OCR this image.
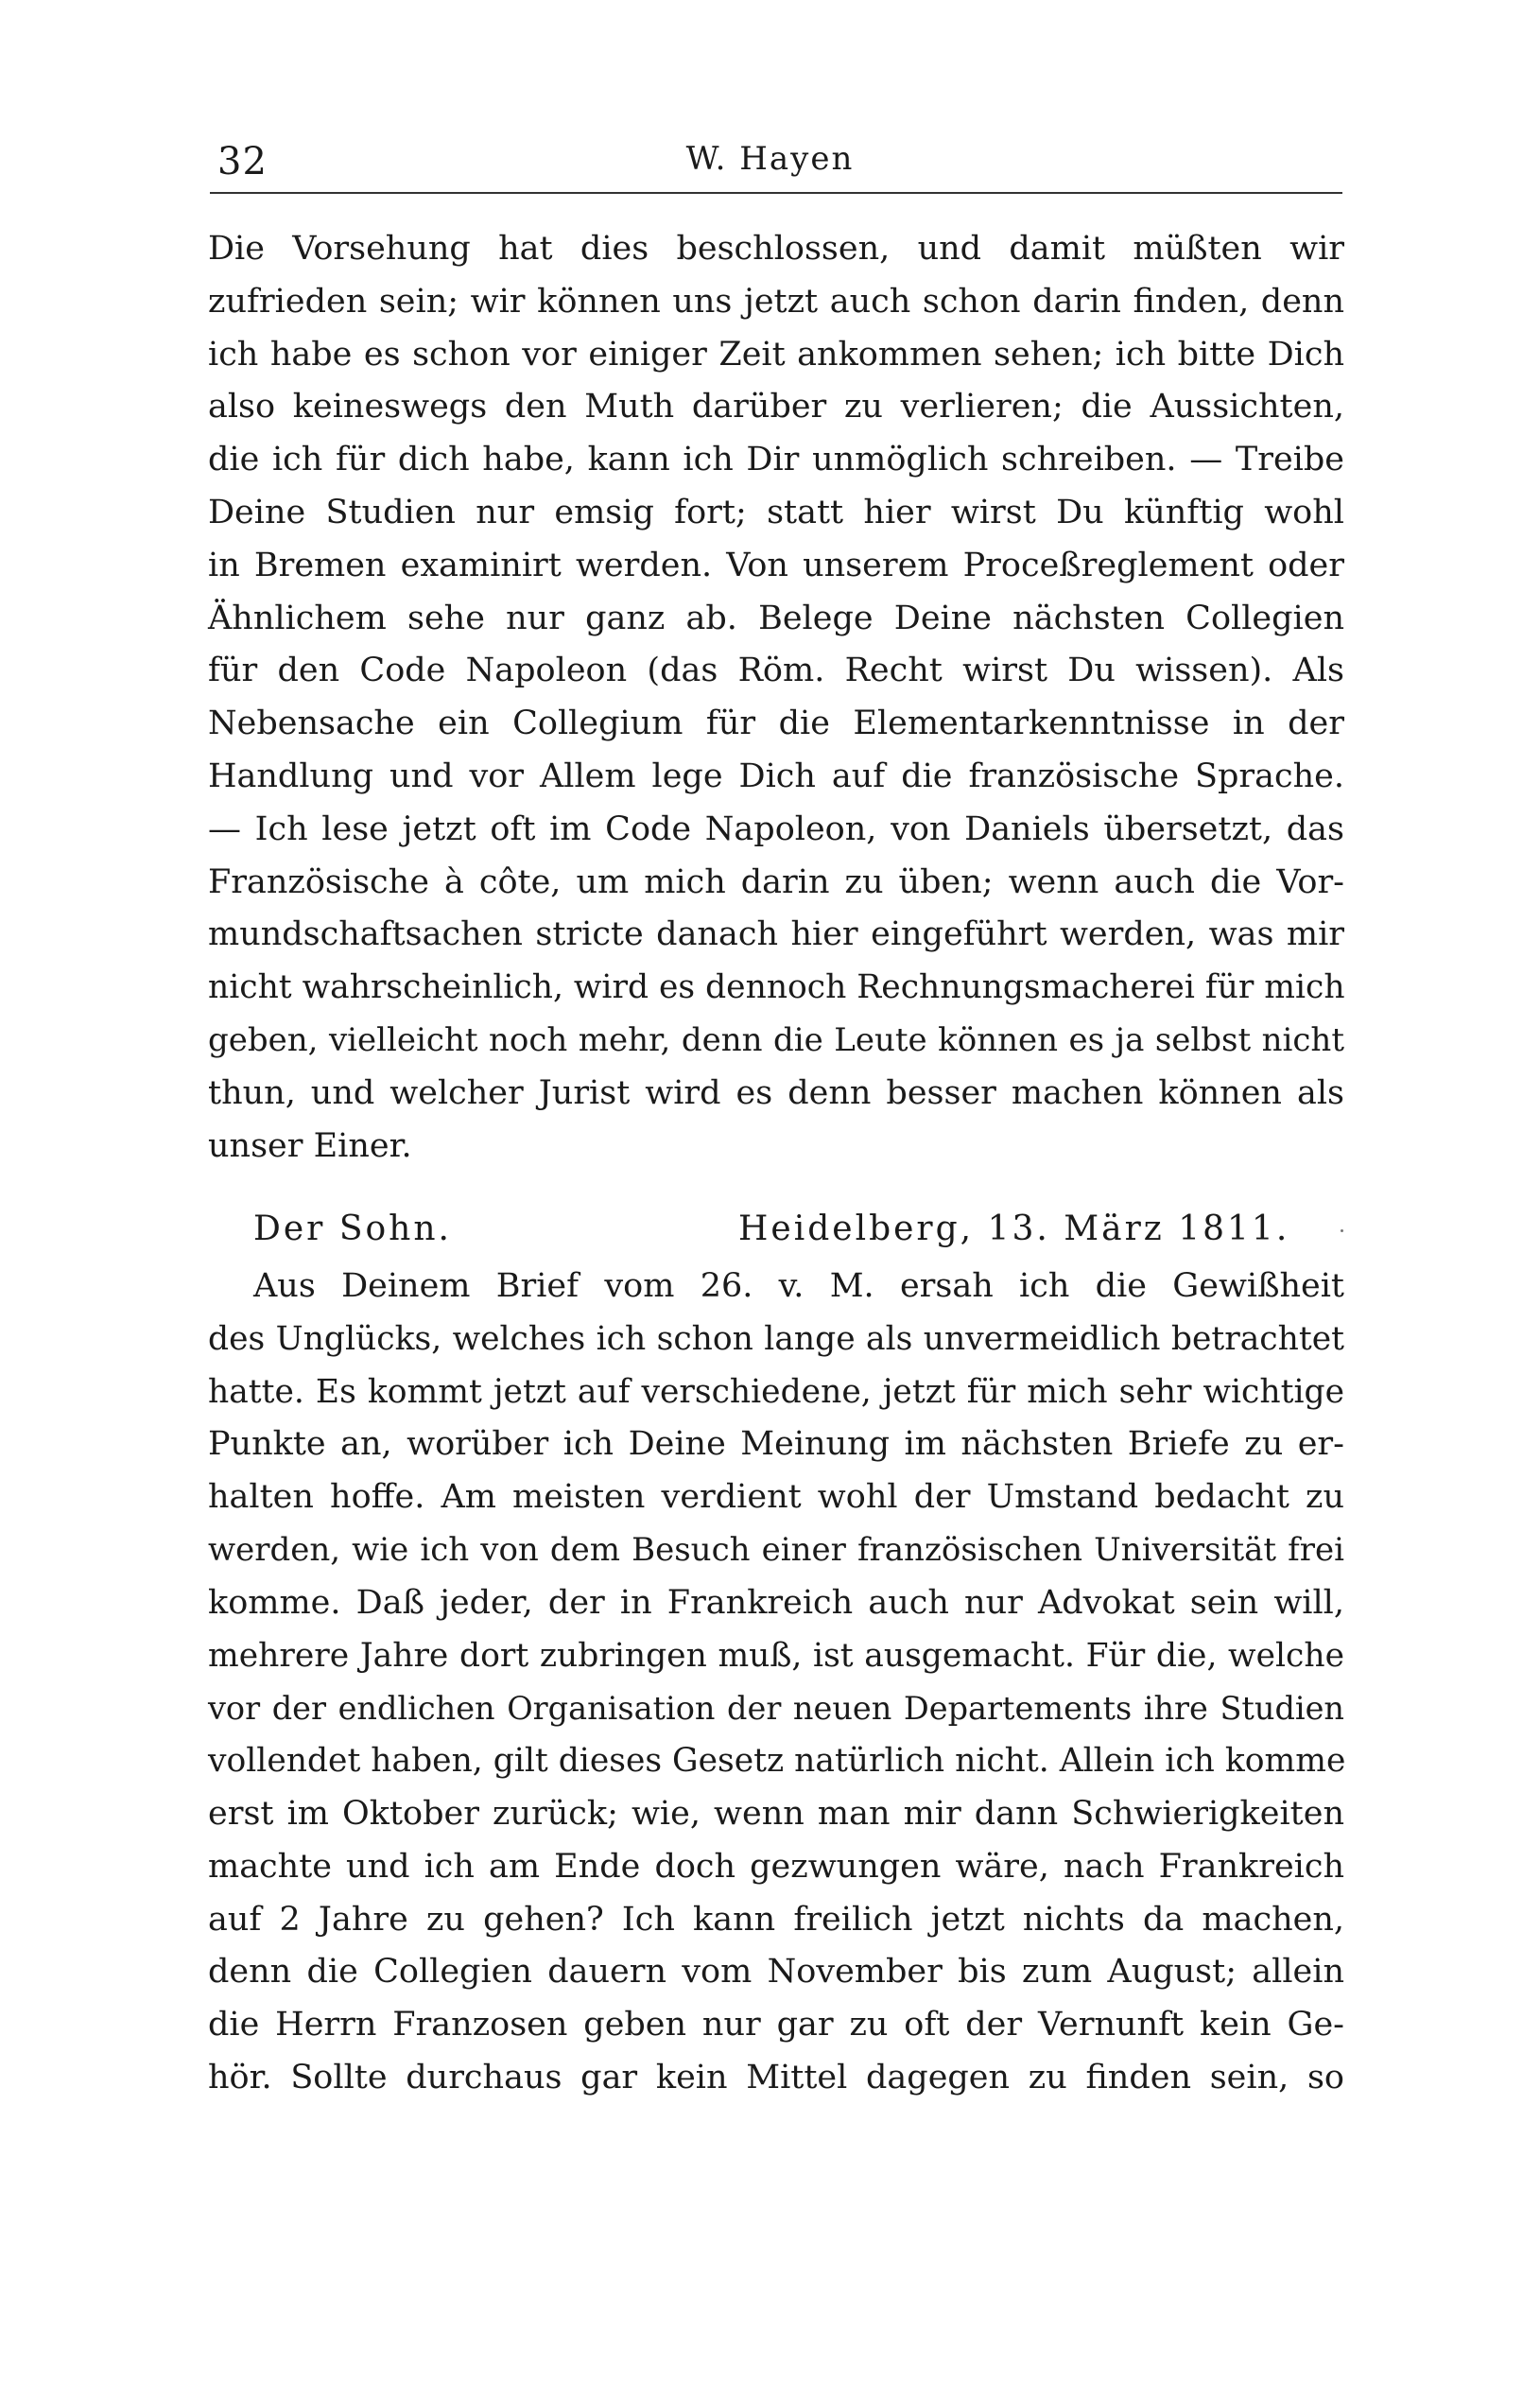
32	W. Hayen
Die Vorsehung hat dies beschlossen, und damit müßten wir
zufrieden sein; wir können uns jetzt auch schon darin finden, denn
ich habe es schon vor einiger Zeit ankommen sehen; ich bitte Dich
also keineswegs den Muth darüber zu verlieren; die Aussichten,
die ich für dich habe, kann ich Dir unmöglich schreiben. — Treibe
Deine Studien nur emsig fort; statt hier wirst Du künftig wohl
in Bremen examinirt werden. Von unserem Proceßreglement oder
Ähnlichem sehe nur ganz ab. Belege Deine nächsten Collegien
für den Code Napoleon (das Röm. Recht wirst Du wissen). Als
Nebensache ein Collegium für die Elementarkenntnisse in der
Handlung und vor Allem lege Dich auf die französische Sprache.
— Ich lese jetzt oft im Code Napoleon, von Daniels übersetzt, das
Französische à côte, um mich darin zu üben; wenn auch die Vor-
mundschaftsachen stricte danach hier eingeführt werden, was mir
nicht wahrscheinlich, wird es dennoch Rechnungsmacherei für mich
geben, vielleicht noch mehr, denn die Leute können es ja selbst nicht
thun, und welcher Jurist wird es denn besser machen können als
unser Einer.
Der Sohn.	Heidelberg, 13. März 1811.
Aus Deinem Brief vom 26. v. M. ersah ich die Gewißheit
des Unglücks, welches ich schon lange als unvermeidlich betrachtet
hatte. Es kommt jetzt auf verschiedene, jetzt für mich sehr wichtige
Punkte an, worüber ich Deine Meinung im nächsten Briefe zu er-
halten hoffe. Am meisten verdient wohl der Umstand bedacht zu
werden, wie ich von dem Besuch einer französischen Universität frei
komme. Daß jeder, der in Frankreich auch nur Advokat sein will,
mehrere Jahre dort zubringen muß, ist ausgemacht. Für die, welche
vor der endlichen Organisation der neuen Departements ihre Studien
vollendet haben, gilt dieses Gesetz natürlich nicht. Allein ich komme
erst im Oktober zurück; wie, wenn man mir dann Schwierigkeiten
machte und ich am Ende doch gezwungen wäre, nach Frankreich
auf 2 Jahre zu gehen? Ich kann freilich jetzt nichts da machen,
denn die Collegien dauern vom November bis zum August; allein
die Herrn Franzosen geben nur gar zu oft der Vernunft kein Ge-
hör. Sollte durchaus gar kein Mittel dagegen zu finden sein, so
